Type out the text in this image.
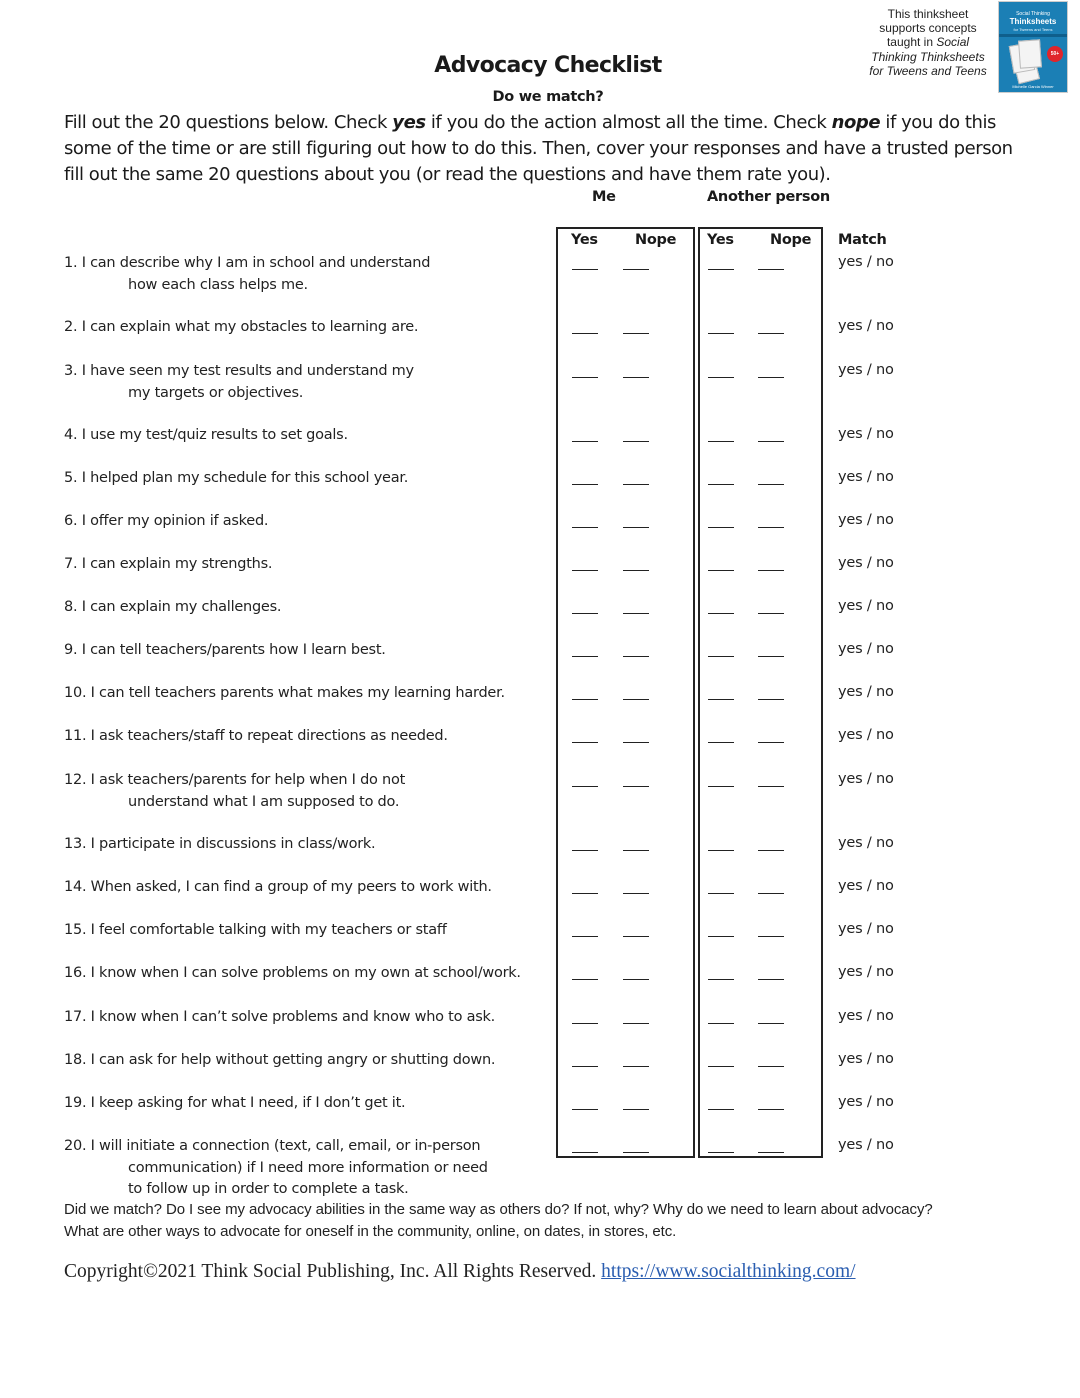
This thinksheet
supports concepts
taught in Social
Thinking Thinksheets
for Tweens and Teens
Social Thinking
Thinksheets
for Tweens and Teens
50+
Michelle Garcia Winner
Advocacy Checklist
Do we match?
Fill out the 20 questions below. Check yes if you do the action almost all the time. Check nope if you do this some of the time or are still figuring out how to do this. Then, cover your responses and have a trusted person fill out the same 20 questions about you (or read the questions and have them rate you).
Me	Another person
Yes	Nope Yes	Nope Match
1. I can describe why I am in school and understand
how each class helps me.
yes / no
2. I can explain what my obstacles to learning are.	yes / no
3. I have seen my test results and understand my
my targets or objectives.
yes / no
4. I use my test/quiz results to set goals.	yes / no
5. I helped plan my schedule for this school year.	yes / no
6. I offer my opinion if asked.	yes / no
7. I can explain my strengths.	yes / no
8. I can explain my challenges.	yes / no
9. I can tell teachers/parents how I learn best.	yes / no
10. I can tell teachers parents what makes my learning harder.	yes / no
11. I ask teachers/staff to repeat directions as needed.	yes / no
12. I ask teachers/parents for help when I do not
understand what I am supposed to do.
yes / no
13. I participate in discussions in class/work.	yes / no
14. When asked, I can find a group of my peers to work with.	yes / no
15. I feel comfortable talking with my teachers or staff	yes / no
16. I know when I can solve problems on my own at school/work.	yes / no
17. I know when I can’t solve problems and know who to ask.	yes / no
18. I can ask for help without getting angry or shutting down.	yes / no
19. I keep asking for what I need, if I don’t get it.	yes / no
20. I will initiate a connection (text, call, email, or in-person
communication) if I need more information or need
to follow up in order to complete a task.
yes / no
Did we match? Do I see my advocacy abilities in the same way as others do? If not, why? Why do we need to learn about advocacy?
What are other ways to advocate for oneself in the community, online, on dates, in stores, etc.
Copyright©2021 Think Social Publishing, Inc. All Rights Reserved. https://www.socialthinking.com/
